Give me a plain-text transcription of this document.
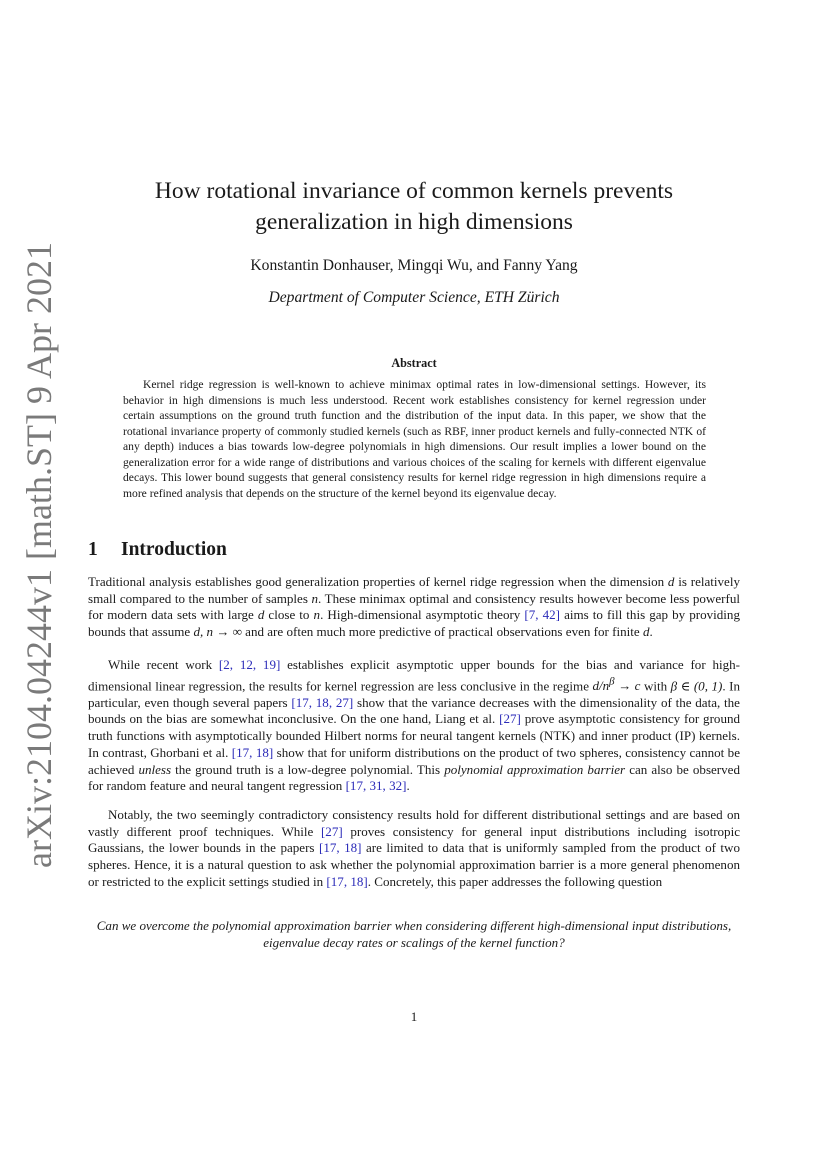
arXiv:2104.04244v1 [math.ST] 9 Apr 2021
How rotational invariance of common kernels prevents
generalization in high dimensions
Konstantin Donhauser, Mingqi Wu, and Fanny Yang
Department of Computer Science, ETH Zürich
Abstract

Kernel ridge regression is well-known to achieve minimax optimal rates in low-dimensional settings. However, its behavior in high dimensions is much less understood. Recent work establishes consistency for kernel regression under certain assumptions on the ground truth function and the distribution of the input data. In this paper, we show that the rotational invariance property of commonly studied kernels (such as RBF, inner product kernels and fully-connected NTK of any depth) induces a bias towards low-degree polynomials in high dimensions. Our result implies a lower bound on the generalization error for a wide range of distributions and various choices of the scaling for kernels with different eigenvalue decays. This lower bound suggests that general consistency results for kernel ridge regression in high dimensions require a more refined analysis that depends on the structure of the kernel beyond its eigenvalue decay.

1 Introduction

Traditional analysis establishes good generalization properties of kernel ridge regression when the dimension d is relatively small compared to the number of samples n. These minimax optimal and consistency results however become less powerful for modern data sets with large d close to n. High-dimensional asymptotic theory [7, 42] aims to fill this gap by providing bounds that assume d, n → ∞ and are often much more predictive of practical observations even for finite d.

While recent work [2, 12, 19] establishes explicit asymptotic upper bounds for the bias and variance for high-dimensional linear regression, the results for kernel regression are less conclusive in the regime $d/n^\beta \to c$ with β ∈ (0, 1). In particular, even though several papers [17, 18, 27] show that the variance decreases with the dimensionality of the data, the bounds on the bias are somewhat inconclusive. On the one hand, Liang et al. [27] prove asymptotic consistency for ground truth functions with asymptotically bounded Hilbert norms for neural tangent kernels (NTK) and inner product (IP) kernels. In contrast, Ghorbani et al. [17, 18] show that for uniform distributions on the product of two spheres, consistency cannot be achieved unless the ground truth is a low-degree polynomial. This polynomial approximation barrier can also be observed for random feature and neural tangent regression [17, 31, 32].

Notably, the two seemingly contradictory consistency results hold for different distributional settings and are based on vastly different proof techniques. While [27] proves consistency for general input distributions including isotropic Gaussians, the lower bounds in the papers [17, 18] are limited to data that is uniformly sampled from the product of two spheres. Hence, it is a natural question to ask whether the polynomial approximation barrier is a more general phenomenon or restricted to the explicit settings studied in [17, 18]. Concretely, this paper addresses the following question

Can we overcome the polynomial approximation barrier when considering different high-dimensional input distributions, eigenvalue decay rates or scalings of the kernel function?

1
